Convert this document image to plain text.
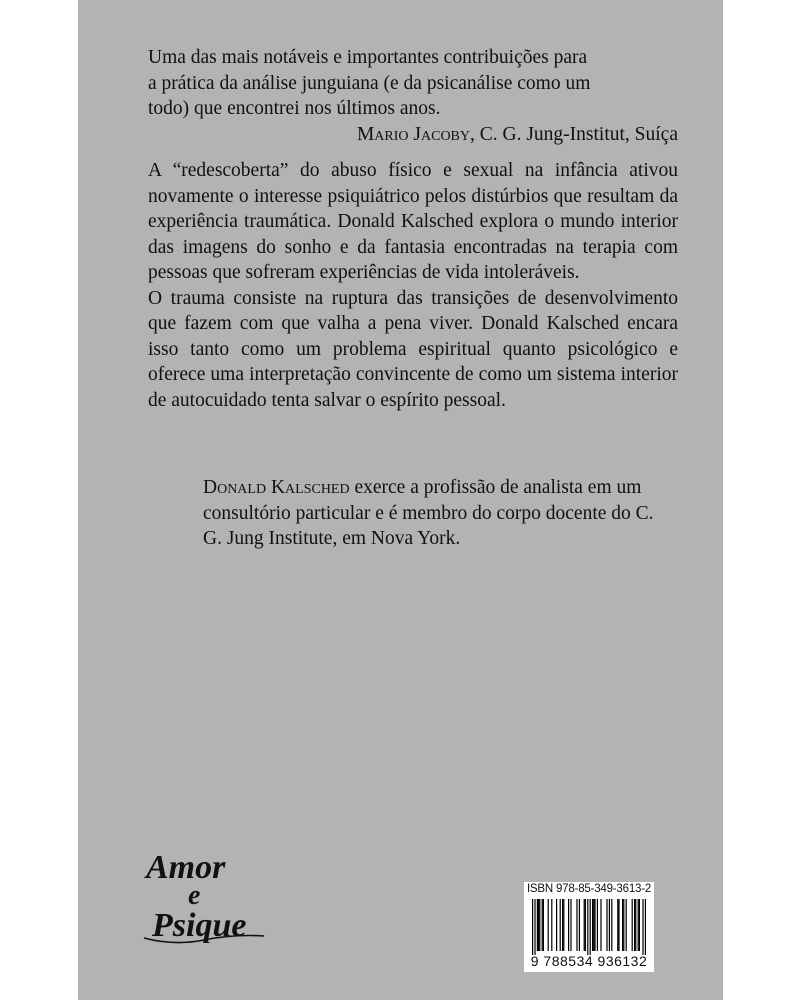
Uma das mais notáveis e importantes contribuições para

a prática da análise junguiana (e da psicanálise como um

todo) que encontrei nos últimos anos.

Mario Jacoby, C. G. Jung-Institut, Suíça

A “redescoberta” do abuso físico e sexual na infância ativou novamente o interesse psiquiátrico pelos distúrbios que resultam da experiência traumática. Donald Kalsched explora o mundo interior das imagens do sonho e da fantasia encontradas na terapia com pessoas que sofreram experiências de vida intoleráveis.

O trauma consiste na ruptura das transições de desenvolvimento que fazem com que valha a pena viver. Donald Kalsched encara isso tanto como um problema espiritual quanto psicológico e oferece uma interpretação convincente de como um sistema interior de autocuidado tenta salvar o espírito pessoal.

Donald Kalsched exerce a profissão de analista em um consultório particular e é membro do corpo docente do C. G. Jung Institute, em Nova York.
Amor
e
Psique
ISBN 978-85-349-3613-2
9 788534 936132
